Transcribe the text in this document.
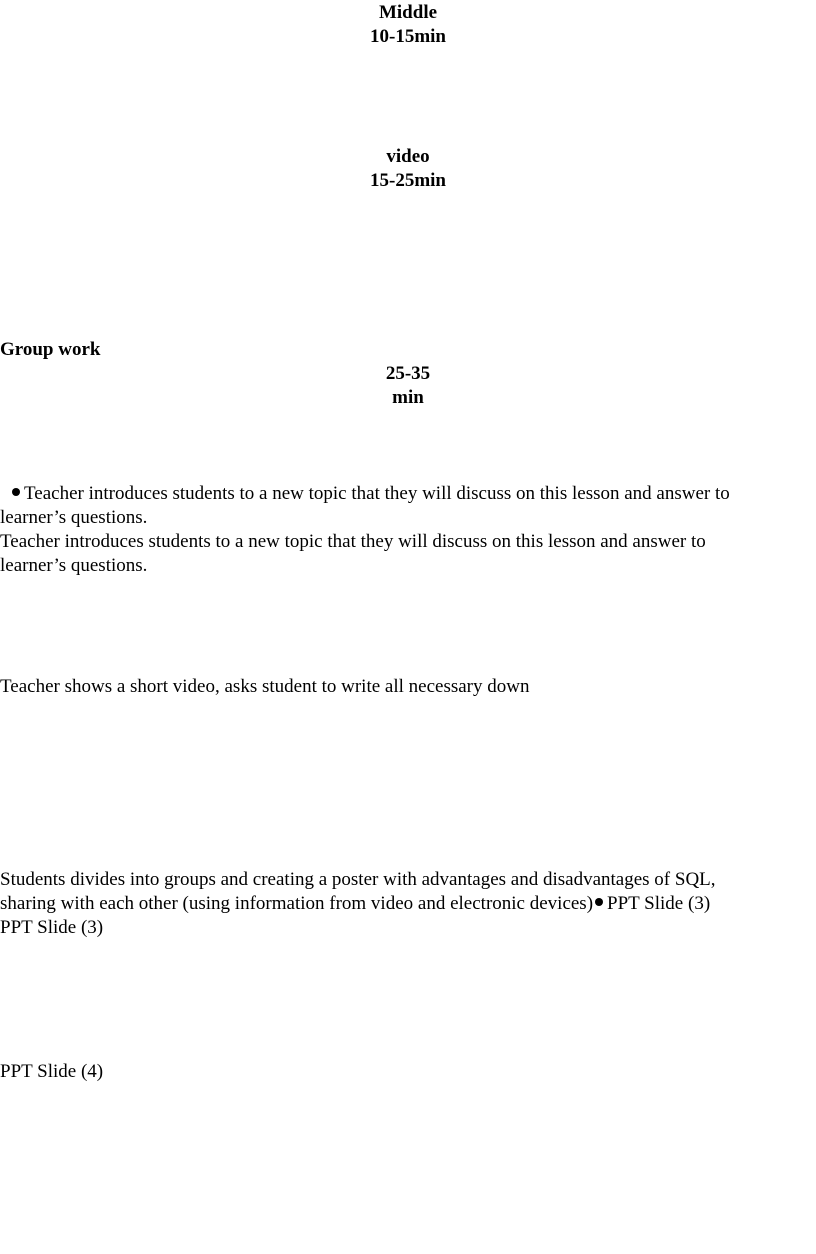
Middle
10-15min
video
15-25min
Group work
25-35
min
Teacher introduces students to a new topic that they will discuss on this lesson and answer to
learner’s questions.
Teacher introduces students to a new topic that they will discuss on this lesson and answer to
learner’s questions.
Teacher shows a short video, asks student to write all necessary down
Students divides into groups and creating a poster with advantages and disadvantages of SQL,
sharing with each other (using information from video and electronic devices) PPT Slide (3)
PPT Slide (3)
PPT Slide (4)
